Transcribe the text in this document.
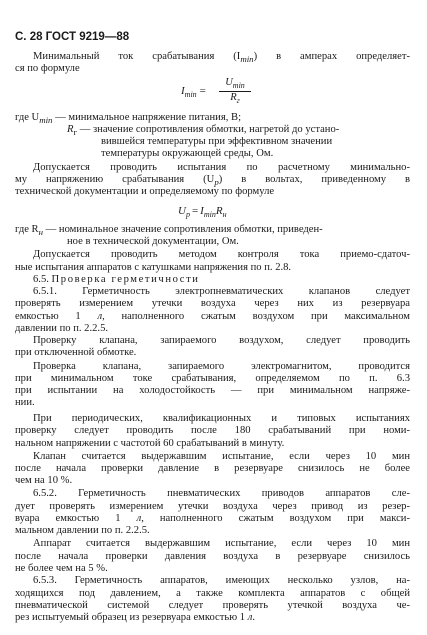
С. 28 ГОСТ 9219—88
Минимальный ток срабатывания $(I_{min})$ в амперах определяет-
ся по формуле
$I_{min}$ =
$U_{min}$
$R_г$
где $U_{min}$ — минимальное напряжение питания, В;
$R_г$ — значение сопротивления обмотки, нагретой до устано-
вившейся температуры при эффективном значении
температуры окружающей среды, Ом.
Допускается проводить испытания по расчетному минимально-
му напряжению срабатывания $(U_р)$ в вольтах, приведенному в
технической документации и определяемому по формуле
$U_р = I_{min}R_н$
где $R_н$ — номинальное значение сопротивления обмотки, приведен-
ное в технической документации, Ом.
Допускается проводить методом контроля тока приемо-сдаточ-
ные испытания аппаратов с катушками напряжения по п. 2.8.
6.5. Проверка герметичности
6.5.1. Герметичность электропневматических клапанов следует
проверять измерением утечки воздуха через них из резервуара
емкостью 1 л, наполненного сжатым воздухом при максимальном
давлении по п. 2.2.5.
Проверку клапана, запираемого воздухом, следует проводить
при отключенной обмотке.
Проверка клапана, запираемого электромагнитом, проводится
при минимальном токе срабатывания, определяемом по п. 6.3
при испытании на холодостойкость — при минимальном напряже-
нии.
При периодических, квалификационных и типовых испытаниях
проверку следует проводить после 180 срабатываний при номи-
нальном напряжении с частотой 60 срабатываний в минуту.
Клапан считается выдержавшим испытание, если через 10 мин
после начала проверки давление в резервуаре снизилось не более
чем на 10 %.
6.5.2. Герметичность пневматических приводов аппаратов сле-
дует проверять измерением утечки воздуха через привод из резер-
вуара емкостью 1 л, наполненного сжатым воздухом при макси-
мальном давлении по п. 2.2.5.
Аппарат считается выдержавшим испытание, если через 10 мин
после начала проверки давления воздуха в резервуаре снизилось
не более чем на 5 %.
6.5.3. Герметичность аппаратов, имеющих несколько узлов, на-
ходящихся под давлением, а также комплекта аппаратов с общей
пневматической системой следует проверять утечкой воздуха че-
рез испытуемый образец из резервуара емкостью 1 л.
